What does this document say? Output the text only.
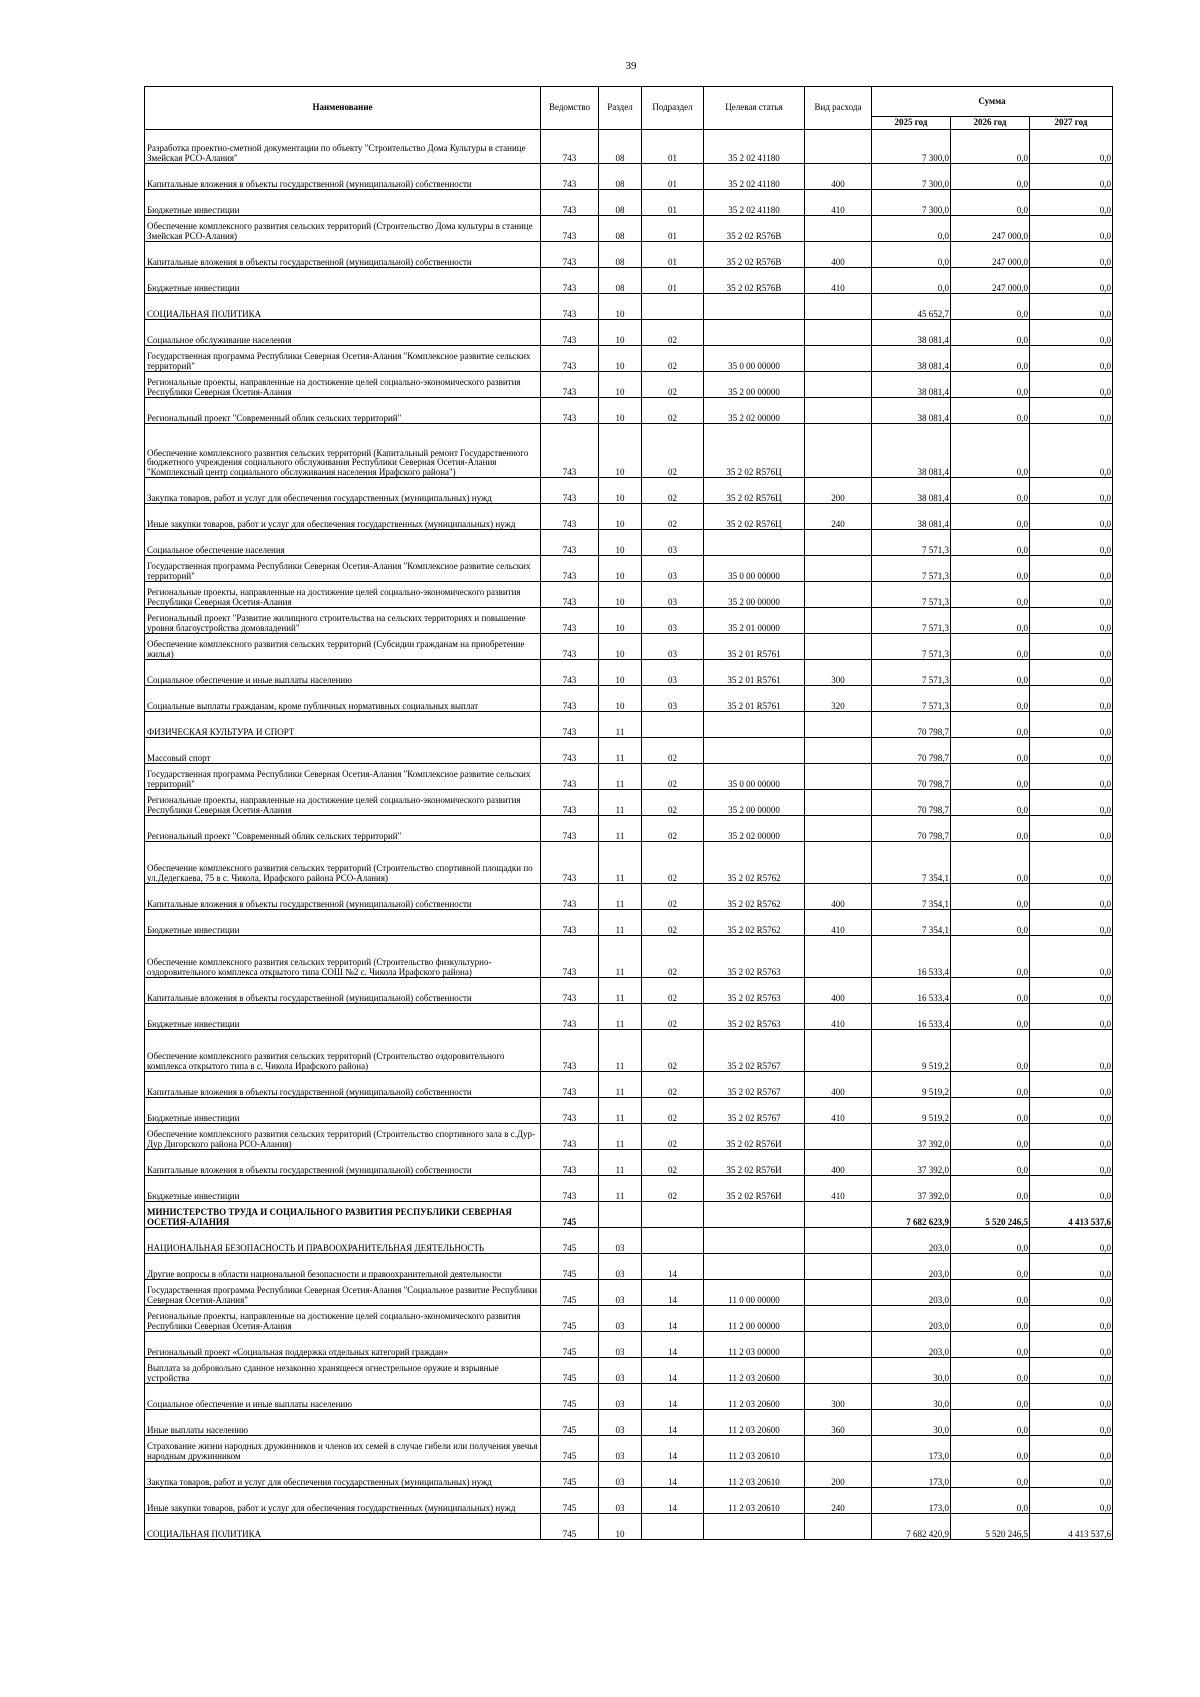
39
Наименование	Ведомство	Раздел	Подраздел	Целевая статья	Вид расхода	Сумма		
						2025 год	2026 год	2027 год
Разработка проектно-сметной документации по объекту "Строительство Дома Культуры в станице Змейская РСО-Алания"	743	08	01	35 2 02 41180		7 300,0	0,0	0,0
Капитальные вложения в объекты государственной (муниципальной) собственности	743	08	01	35 2 02 41180	400	7 300,0	0,0	0,0
Бюджетные инвестиции	743	08	01	35 2 02 41180	410	7 300,0	0,0	0,0
Обеспечение комплексного развития сельских территорий (Строительство Дома культуры в станице Змейская РСО-Алания)	743	08	01	35 2 02 R576В		0,0	247 000,0	0,0
Капитальные вложения в объекты государственной (муниципальной) собственности	743	08	01	35 2 02 R576В	400	0,0	247 000,0	0,0
Бюджетные инвестиции	743	08	01	35 2 02 R576В	410	0,0	247 000,0	0,0
СОЦИАЛЬНАЯ ПОЛИТИКА	743	10				45 652,7	0,0	0,0
Социальное обслуживание населения	743	10	02			38 081,4	0,0	0,0
Государственная программа Республики Северная Осетия-Алания "Комплексное развитие сельских территорий"	743	10	02	35 0 00 00000		38 081,4	0,0	0,0
Региональные проекты, направленные на достижение целей социально-экономического развития Республики Северная Осетия-Алания	743	10	02	35 2 00 00000		38 081,4	0,0	0,0
Региональный проект "Современный облик сельских территорий"	743	10	02	35 2 02 00000		38 081,4	0,0	0,0
Обеспечение комплексного развития сельских территорий (Капитальный ремонт Государственного бюджетного учреждения социального обслуживания Республики Северная Осетия-Алания "Комплексный центр социального обслуживания населения Ирафского района")	743	10	02	35 2 02 R576Ц		38 081,4	0,0	0,0
Закупка товаров, работ и услуг для обеспечения государственных (муниципальных) нужд	743	10	02	35 2 02 R576Ц	200	38 081,4	0,0	0,0
Иные закупки товаров, работ и услуг для обеспечения государственных (муниципальных) нужд	743	10	02	35 2 02 R576Ц	240	38 081,4	0,0	0,0
Социальное обеспечение населения	743	10	03			7 571,3	0,0	0,0
Государственная программа Республики Северная Осетия-Алания "Комплексное развитие сельских территорий"	743	10	03	35 0 00 00000		7 571,3	0,0	0,0
Региональные проекты, направленные на достижение целей социально-экономического развития Республики Северная Осетия-Алания	743	10	03	35 2 00 00000		7 571,3	0,0	0,0
Региональный проект "Развитие жилищного строительства на сельских территориях и повышение уровня благоустройства домовладений"	743	10	03	35 2 01 00000		7 571,3	0,0	0,0
Обеспечение комплексного развития сельских территорий (Субсидии гражданам на приобретение жилья)	743	10	03	35 2 01 R5761		7 571,3	0,0	0,0
Социальное обеспечение и иные выплаты населению	743	10	03	35 2 01 R5761	300	7 571,3	0,0	0,0
Социальные выплаты гражданам, кроме публичных нормативных социальных выплат	743	10	03	35 2 01 R5761	320	7 571,3	0,0	0,0
ФИЗИЧЕСКАЯ КУЛЬТУРА И СПОРТ	743	11				70 798,7	0,0	0,0
Массовый спорт	743	11	02			70 798,7	0,0	0,0
Государственная программа Республики Северная Осетия-Алания "Комплексное развитие сельских территорий"	743	11	02	35 0 00 00000		70 798,7	0,0	0,0
Региональные проекты, направленные на достижение целей социально-экономического развития Республики Северная Осетия-Алания	743	11	02	35 2 00 00000		70 798,7	0,0	0,0
Региональный проект "Современный облик сельских территорий"	743	11	02	35 2 02 00000		70 798,7	0,0	0,0
Обеспечение комплексного развития сельских территорий (Строительство спортивной площадки по ул.Дедегкаева, 75 в с. Чикола, Ирафского района РСО-Алания)	743	11	02	35 2 02 R5762		7 354,1	0,0	0,0
Капитальные вложения в объекты государственной (муниципальной) собственности	743	11	02	35 2 02 R5762	400	7 354,1	0,0	0,0
Бюджетные инвестиции	743	11	02	35 2 02 R5762	410	7 354,1	0,0	0,0
Обеспечение комплексного развития сельских территорий (Строительство физкультурно-оздоровительного комплекса открытого типа СОШ №2 с. Чикола Ирафского района)	743	11	02	35 2 02 R5763		16 533,4	0,0	0,0
Капитальные вложения в объекты государственной (муниципальной) собственности	743	11	02	35 2 02 R5763	400	16 533,4	0,0	0,0
Бюджетные инвестиции	743	11	02	35 2 02 R5763	410	16 533,4	0,0	0,0
Обеспечение комплексного развития сельских территорий (Строительство оздоровительного комплекса открытого типа в с. Чикола Ирафского района)	743	11	02	35 2 02 R5767		9 519,2	0,0	0,0
Капитальные вложения в объекты государственной (муниципальной) собственности	743	11	02	35 2 02 R5767	400	9 519,2	0,0	0,0
Бюджетные инвестиции	743	11	02	35 2 02 R5767	410	9 519,2	0,0	0,0
Обеспечение комплексного развития сельских территорий (Строительство спортивного зала в с.Дур-Дур Дигорского района РСО-Алания)	743	11	02	35 2 02 R576И		37 392,0	0,0	0,0
Капитальные вложения в объекты государственной (муниципальной) собственности	743	11	02	35 2 02 R576И	400	37 392,0	0,0	0,0
Бюджетные инвестиции	743	11	02	35 2 02 R576И	410	37 392,0	0,0	0,0
МИНИСТЕРСТВО ТРУДА И СОЦИАЛЬНОГО РАЗВИТИЯ РЕСПУБЛИКИ СЕВЕРНАЯ ОСЕТИЯ-АЛАНИЯ	745					7 682 623,9	5 520 246,5	4 413 537,6
НАЦИОНАЛЬНАЯ БЕЗОПАСНОСТЬ И ПРАВООХРАНИТЕЛЬНАЯ ДЕЯТЕЛЬНОСТЬ	745	03				203,0	0,0	0,0
Другие вопросы в области национальной безопасности и правоохранительной деятельности	745	03	14			203,0	0,0	0,0
Государственная программа Республики Северная Осетия-Алания "Социальное развитие Республики Северная Осетия-Алания"	745	03	14	11 0 00 00000		203,0	0,0	0,0
Региональные проекты, направленные на достижение целей социально-экономического развития Республики Северная Осетия-Алания	745	03	14	11 2 00 00000		203,0	0,0	0,0
Региональный проект «Социальная поддержка отдельных категорий граждан»	745	03	14	11 2 03 00000		203,0	0,0	0,0
Выплата за добровольно сданное незаконно хранящееся огнестрельное оружие и взрывные устройства	745	03	14	11 2 03 20600		30,0	0,0	0,0
Социальное обеспечение и иные выплаты населению	745	03	14	11 2 03 20600	300	30,0	0,0	0,0
Иные выплаты населению	745	03	14	11 2 03 20600	360	30,0	0,0	0,0
Страхование жизни народных дружинников и членов их семей в случае гибели или получения увечья народным дружинником	745	03	14	11 2 03 20610		173,0	0,0	0,0
Закупка товаров, работ и услуг для обеспечения государственных (муниципальных) нужд	745	03	14	11 2 03 20610	200	173,0	0,0	0,0
Иные закупки товаров, работ и услуг для обеспечения государственных (муниципальных) нужд	745	03	14	11 2 03 20610	240	173,0	0,0	0,0
СОЦИАЛЬНАЯ ПОЛИТИКА	745	10				7 682 420,9	5 520 246,5	4 413 537,6
